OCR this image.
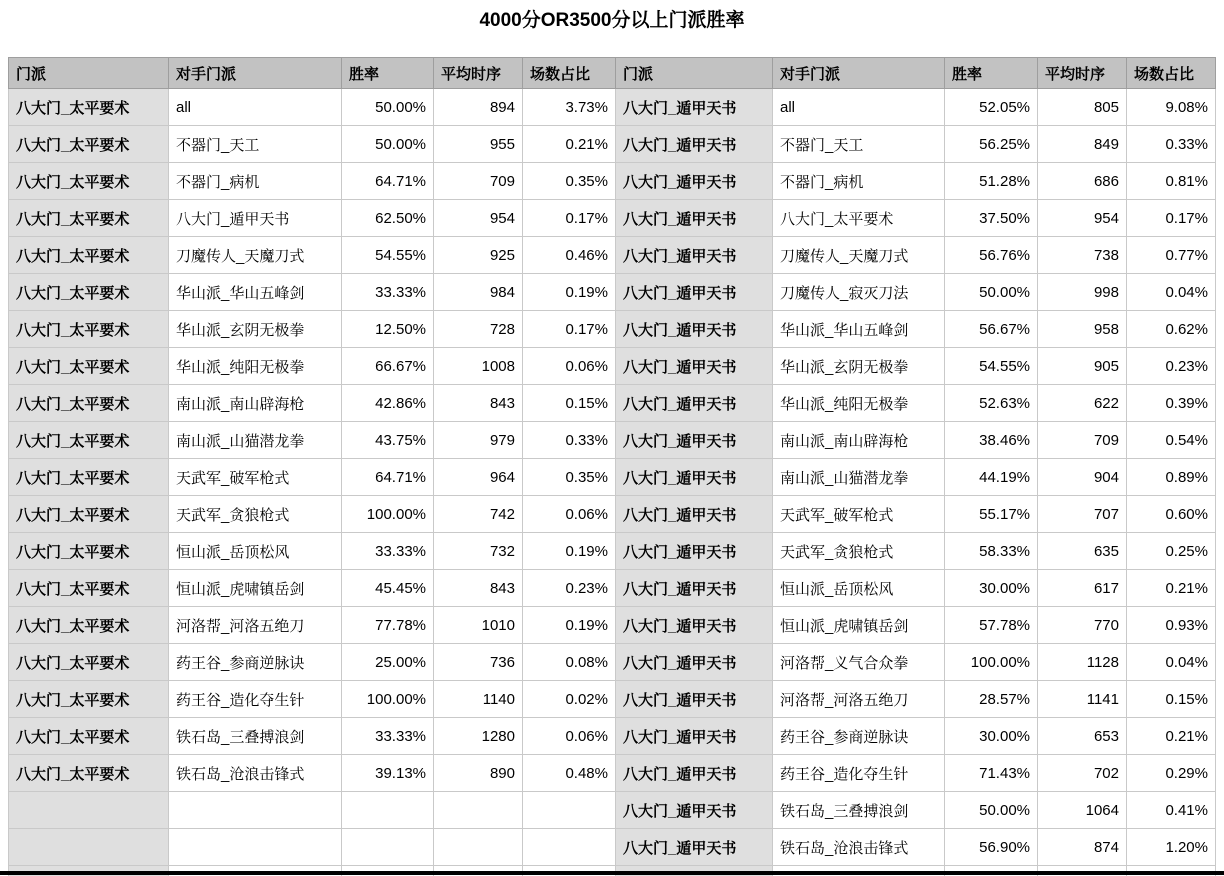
4000分OR3500分以上门派胜率
门派	对手门派	胜率	平均时序	场数占比
八大门_太平要术	all	50.00%	894	3.73%
八大门_太平要术	不器门_天工	50.00%	955	0.21%
八大门_太平要术	不器门_病机	64.71%	709	0.35%
八大门_太平要术	八大门_遁甲天书	62.50%	954	0.17%
八大门_太平要术	刀魔传人_天魔刀式	54.55%	925	0.46%
八大门_太平要术	华山派_华山五峰剑	33.33%	984	0.19%
八大门_太平要术	华山派_玄阴无极拳	12.50%	728	0.17%
八大门_太平要术	华山派_纯阳无极拳	66.67%	1008	0.06%
八大门_太平要术	南山派_南山辟海枪	42.86%	843	0.15%
八大门_太平要术	南山派_山猫潜龙拳	43.75%	979	0.33%
八大门_太平要术	天武军_破军枪式	64.71%	964	0.35%
八大门_太平要术	天武军_贪狼枪式	100.00%	742	0.06%
八大门_太平要术	恒山派_岳顶松风	33.33%	732	0.19%
八大门_太平要术	恒山派_虎啸镇岳剑	45.45%	843	0.23%
八大门_太平要术	河洛帮_河洛五绝刀	77.78%	1010	0.19%
八大门_太平要术	药王谷_参商逆脉诀	25.00%	736	0.08%
八大门_太平要术	药王谷_造化夺生针	100.00%	1140	0.02%
八大门_太平要术	铁石岛_三叠搏浪剑	33.33%	1280	0.06%
八大门_太平要术	铁石岛_沧浪击锋式	39.13%	890	0.48%

门派	对手门派	胜率	平均时序	场数占比
八大门_遁甲天书	all	52.05%	805	9.08%
八大门_遁甲天书	不器门_天工	56.25%	849	0.33%
八大门_遁甲天书	不器门_病机	51.28%	686	0.81%
八大门_遁甲天书	八大门_太平要术	37.50%	954	0.17%
八大门_遁甲天书	刀魔传人_天魔刀式	56.76%	738	0.77%
八大门_遁甲天书	刀魔传人_寂灭刀法	50.00%	998	0.04%
八大门_遁甲天书	华山派_华山五峰剑	56.67%	958	0.62%
八大门_遁甲天书	华山派_玄阴无极拳	54.55%	905	0.23%
八大门_遁甲天书	华山派_纯阳无极拳	52.63%	622	0.39%
八大门_遁甲天书	南山派_南山辟海枪	38.46%	709	0.54%
八大门_遁甲天书	南山派_山猫潜龙拳	44.19%	904	0.89%
八大门_遁甲天书	天武军_破军枪式	55.17%	707	0.60%
八大门_遁甲天书	天武军_贪狼枪式	58.33%	635	0.25%
八大门_遁甲天书	恒山派_岳顶松风	30.00%	617	0.21%
八大门_遁甲天书	恒山派_虎啸镇岳剑	57.78%	770	0.93%
八大门_遁甲天书	河洛帮_义气合众拳	100.00%	1128	0.04%
八大门_遁甲天书	河洛帮_河洛五绝刀	28.57%	1141	0.15%
八大门_遁甲天书	药王谷_参商逆脉诀	30.00%	653	0.21%
八大门_遁甲天书	药王谷_造化夺生针	71.43%	702	0.29%
八大门_遁甲天书	铁石岛_三叠搏浪剑	50.00%	1064	0.41%
八大门_遁甲天书	铁石岛_沧浪击锋式	56.90%	874	1.20%
